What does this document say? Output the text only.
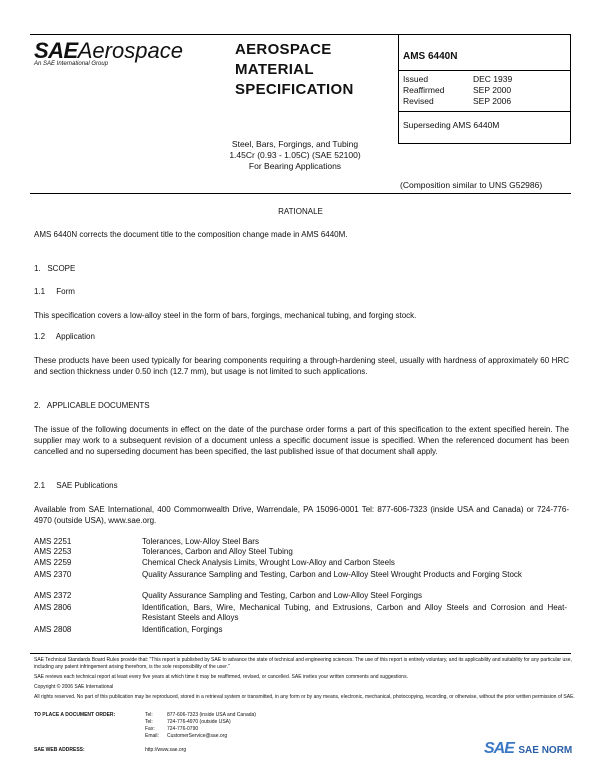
SAEAerospace
An SAE International Group
AEROSPACE
MATERIAL
SPECIFICATION
AMS 6440N
Issued	DEC 1939
Reaffirmed	SEP 2000
Revised	SEP 2006
Superseding AMS 6440M
Steel, Bars, Forgings, and Tubing
1.45Cr (0.93 - 1.05C) (SAE 52100)
For Bearing Applications
(Composition similar to UNS G52986)
RATIONALE
AMS 6440N corrects the document title to the composition change made in AMS 6440M.
1.   SCOPE
1.1     Form
This specification covers a low-alloy steel in the form of bars, forgings, mechanical tubing, and forging stock.
1.2     Application
These products have been used typically for bearing components requiring a through-hardening steel, usually with hardness of approximately 60 HRC and section thickness under 0.50 inch (12.7 mm), but usage is not limited to such applications.
2.   APPLICABLE DOCUMENTS
The issue of the following documents in effect on the date of the purchase order forms a part of this specification to the extent specified herein. The supplier may work to a subsequent revision of a document unless a specific document issue is specified. When the referenced document has been cancelled and no superseding document has been specified, the last published issue of that document shall apply.
2.1     SAE Publications
Available from SAE International, 400 Commonwealth Drive, Warrendale, PA 15096-0001 Tel: 877-606-7323 (inside USA and Canada) or 724-776-4970 (outside USA), www.sae.org.
AMS 2251	Tolerances, Low-Alloy Steel Bars
AMS 2253	Tolerances, Carbon and Alloy Steel Tubing
AMS 2259	Chemical Check Analysis Limits, Wrought Low-Alloy and Carbon Steels
AMS 2370	Quality Assurance Sampling and Testing, Carbon and Low-Alloy Steel Wrought Products and Forging Stock
AMS 2372	Quality Assurance Sampling and Testing, Carbon and Low-Alloy Steel Forgings
AMS 2806	Identification, Bars, Wire, Mechanical Tubing, and Extrusions, Carbon and Alloy Steels and Corrosion and Heat-Resistant Steels and Alloys
AMS 2808	Identification, Forgings
SAE Technical Standards Board Rules provide that: "This report is published by SAE to advance the state of technical and engineering sciences. The use of this report is entirely voluntary, and its applicability and suitability for any particular use, including any patent infringement arising therefrom, is the sole responsibility of the user."
SAE reviews each technical report at least every five years at which time it may be reaffirmed, revised, or cancelled. SAE invites your written comments and suggestions.
Copyright © 2006 SAE International
All rights reserved. No part of this publication may be reproduced, stored in a retrieval system or transmitted, in any form or by any means, electronic, mechanical, photocopying, recording, or otherwise, without the prior written permission of SAE.
TO PLACE A DOCUMENT ORDER:	Tel:	877-606-7323 (inside USA and Canada)
Tel:	724-776-4970 (outside USA)
Fax: 724-776-0790
Email: CustomerService@sae.org
SAE WEB ADDRESS:	http://www.sae.org	SAE SAE NORM
